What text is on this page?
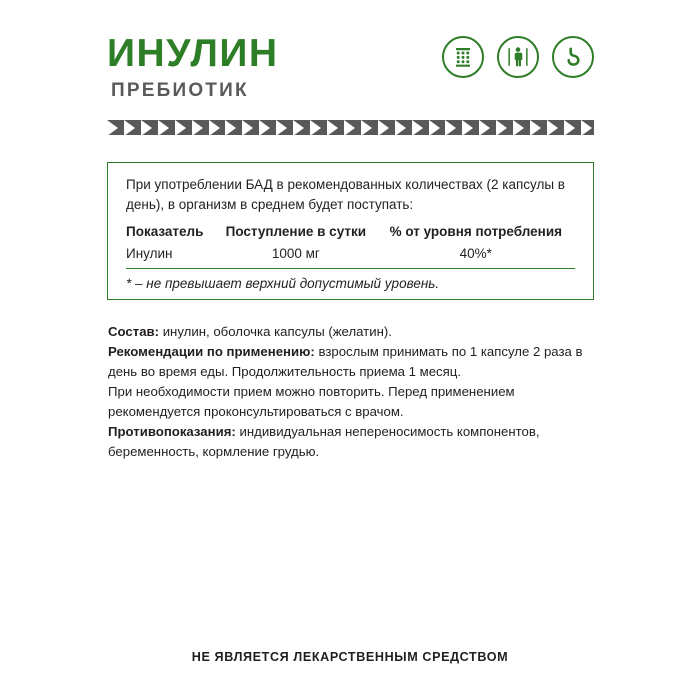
ИНУЛИН
ПРЕБИОТИК
При употреблении БАД в рекомендованных количествах (2 капсулы в день), в организм в среднем будет поступать:
Показатель	Поступление в сутки	% от уровня потребления
Инулин	1000 мг	40%*
* – не превышает верхний допустимый уровень.

Состав: инулин, оболочка капсулы (желатин).

Рекомендации по применению: взрослым принимать по 1 капсуле 2 раза в день во время еды. Продолжительность приема 1 месяц.

При необходимости прием можно повторить. Перед применением рекомендуется проконсультироваться с врачом.

Противопоказания: индивидуальная непереносимость компонентов, беременность, кормление грудью.

НЕ ЯВЛЯЕТСЯ ЛЕКАРСТВЕННЫМ СРЕДСТВОМ
